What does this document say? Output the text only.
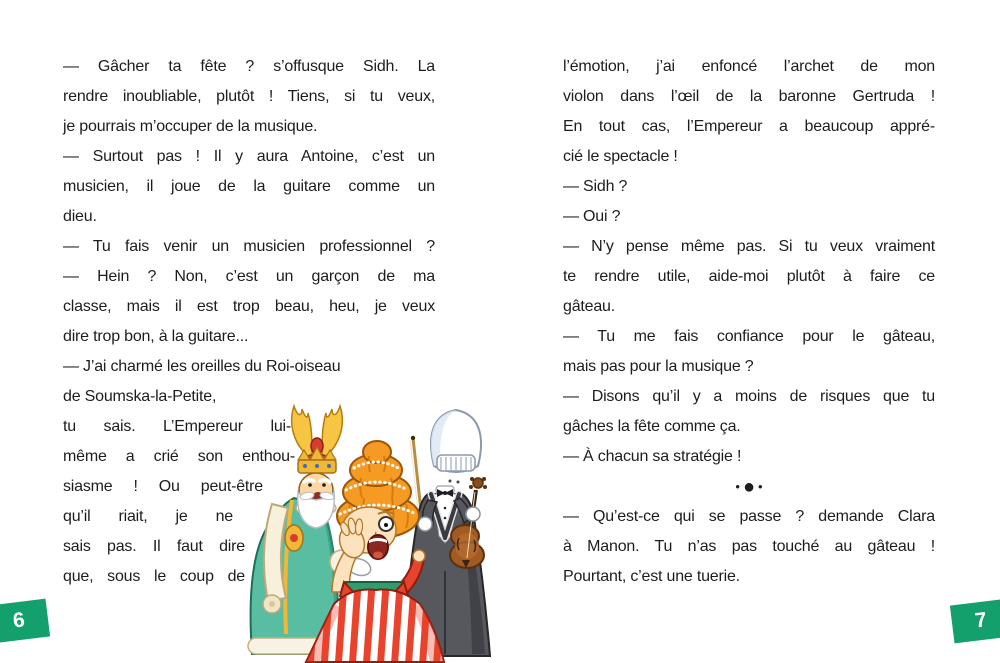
— Gâcher ta fête ? s’offusque Sidh. La
rendre inoubliable, plutôt ! Tiens, si tu veux,
je pourrais m’occuper de la musique.
— Surtout pas ! Il y aura Antoine, c’est un
musicien, il joue de la guitare comme un
dieu.
— Tu fais venir un musicien professionnel ?
— Hein ? Non, c’est un garçon de ma
classe, mais il est trop beau, heu, je veux
dire trop bon, à la guitare...
— J’ai charmé les oreilles du Roi-oiseau
de Soumska-la-Petite,
tu sais. L’Empereur lui-
même a crié son enthou-
siasme ! Ou peut-être
qu’il riait, je ne
sais pas. Il faut dire
que, sous le coup de
6
l’émotion, j’ai enfoncé l’archet de mon
violon dans l’œil de la baronne Gertruda !
En tout cas, l’Empereur a beaucoup appré-
cié le spectacle !
— Sidh ?
— Oui ?
— N’y pense même pas. Si tu veux vraiment
te rendre utile, aide-moi plutôt à faire ce
gâteau.
— Tu me fais confiance pour le gâteau,
mais pas pour la musique ?
— Disons qu’il y a moins de risques que tu
gâches la fête comme ça.
— À chacun sa stratégie !
• ● •
— Qu’est-ce qui se passe ? demande Clara
à Manon. Tu n’as pas touché au gâteau !
Pourtant, c’est une tuerie.
7
